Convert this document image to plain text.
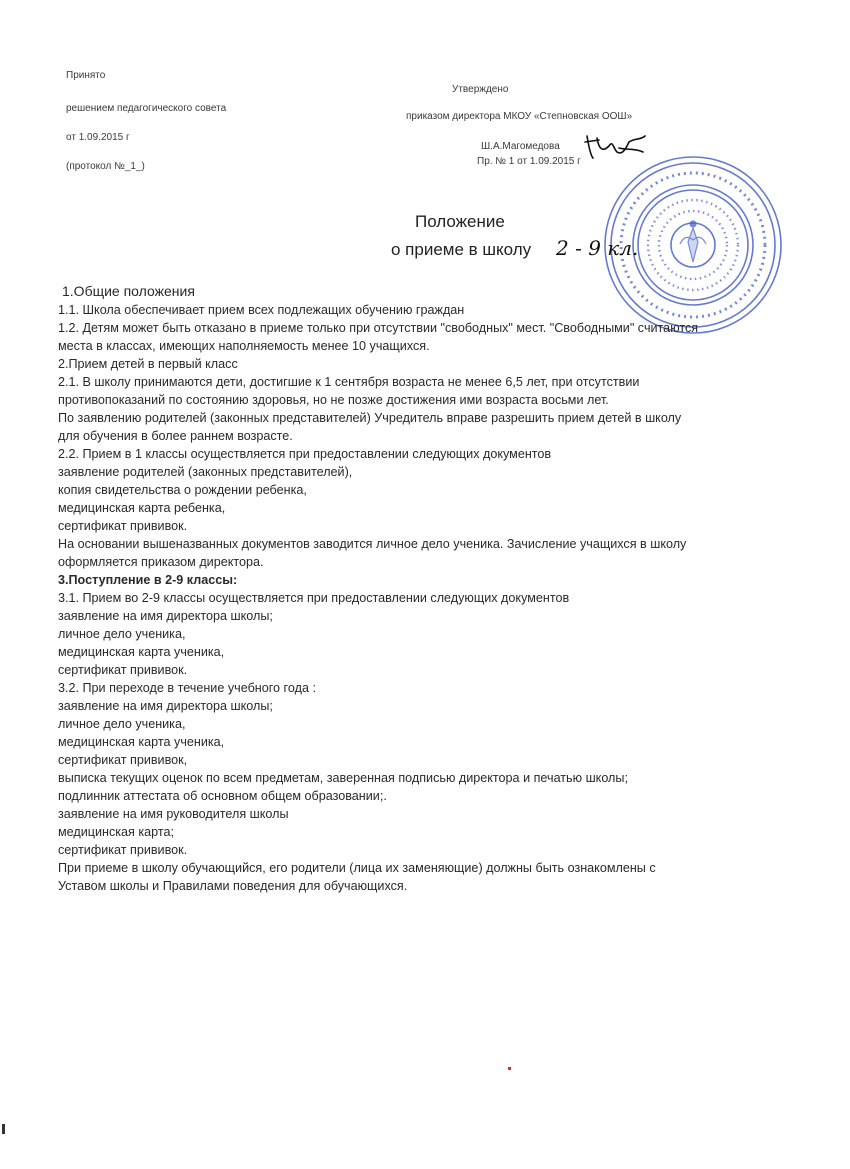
Принято
решением педагогического совета
от 1.09.2015 г
(протокол №_1_)
Утверждено
приказом директора МКОУ «Степновская ООШ»
Ш.А.Магомедова
Пр. № 1 от 1.09.2015 г
Положение
о приеме в школу 2 - 9 кл.
1.Общие положения
1.1. Школа обеспечивает прием всех подлежащих обучению граждан
1.2. Детям может быть отказано в приеме только при отсутствии "свободных" мест. "Свободными" считаются
места в классах, имеющих наполняемость менее 10 учащихся.
2.Прием детей в первый класс
2.1. В школу принимаются дети, достигшие к 1 сентября возраста не менее 6,5 лет, при отсутствии
противопоказаний по состоянию здоровья, но не позже достижения ими возраста восьми лет.
По заявлению родителей (законных представителей) Учредитель вправе разрешить прием детей в школу
для обучения в более раннем возрасте.
2.2. Прием в 1 классы осуществляется при предоставлении следующих документов
заявление родителей (законных представителей),
копия свидетельства о рождении ребенка,
медицинская карта ребенка,
сертификат прививок.
На основании вышеназванных документов заводится личное дело ученика. Зачисление учащихся в школу
оформляется приказом директора.
3.Поступление в 2-9 классы:
3.1. Прием во 2-9 классы осуществляется при предоставлении следующих документов
заявление на имя директора школы;
личное дело ученика,
медицинская карта ученика,
сертификат прививок.
3.2. При переходе в течение учебного года :
заявление на имя директора школы;
личное дело ученика,
медицинская карта ученика,
сертификат прививок,
выписка текущих оценок по всем предметам, заверенная подписью директора и печатью школы;
подлинник аттестата об основном общем образовании;.
заявление на имя руководителя школы
медицинская карта;
сертификат прививок.
При приеме в школу обучающийся, его родители (лица их заменяющие) должны быть ознакомлены с
Уставом школы и Правилами поведения для обучающихся.
